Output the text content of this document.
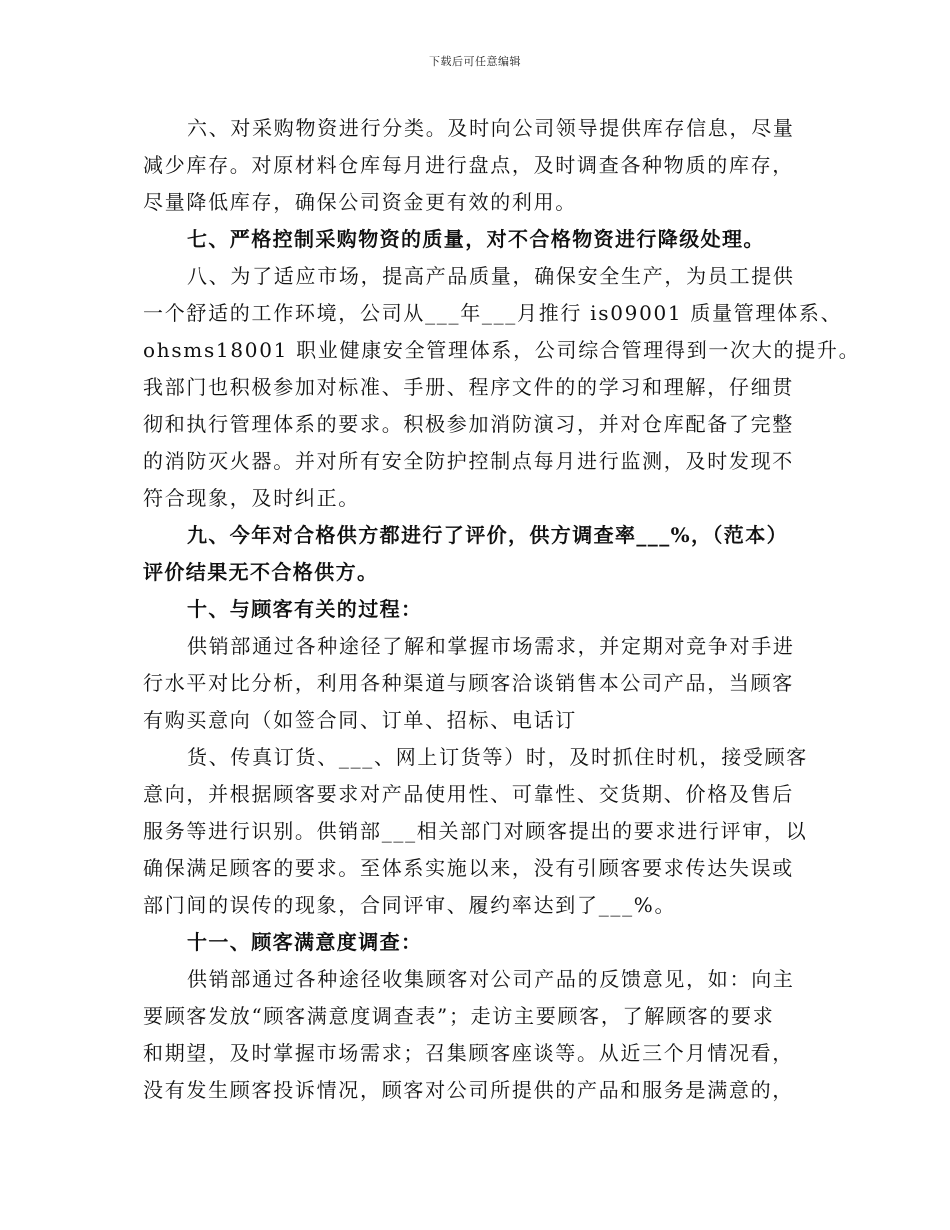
下载后可任意编辑
六、对采购物资进行分类。及时向公司领导提供库存信息，尽量
减少库存。对原材料仓库每月进行盘点，及时调查各种物质的库存，
尽量降低库存，确保公司资金更有效的利用。
七、严格控制采购物资的质量，对不合格物资进行降级处理。
八、为了适应市场，提高产品质量，确保安全生产，为员工提供
一个舒适的工作环境，公司从___年___月推行 is09001 质量管理体系、
ohsms18001 职业健康安全管理体系，公司综合管理得到一次大的提升。
我部门也积极参加对标准、手册、程序文件的的学习和理解，仔细贯
彻和执行管理体系的要求。积极参加消防演习，并对仓库配备了完整
的消防灭火器。并对所有安全防护控制点每月进行监测，及时发现不
符合现象，及时纠正。
九、今年对合格供方都进行了评价，供方调查率___%，（范本）
评价结果无不合格供方。
十、与顾客有关的过程：
供销部通过各种途径了解和掌握市场需求，并定期对竞争对手进
行水平对比分析，利用各种渠道与顾客洽谈销售本公司产品，当顾客
有购买意向（如签合同、订单、招标、电话订
货、传真订货、___、网上订货等）时，及时抓住时机，接受顾客
意向，并根据顾客要求对产品使用性、可靠性、交货期、价格及售后
服务等进行识别。供销部___相关部门对顾客提出的要求进行评审，以
确保满足顾客的要求。至体系实施以来，没有引顾客要求传达失误或
部门间的误传的现象，合同评审、履约率达到了___%。
十一、顾客满意度调查：
供销部通过各种途径收集顾客对公司产品的反馈意见，如：向主
要顾客发放“顾客满意度调查表”；走访主要顾客，了解顾客的要求
和期望，及时掌握市场需求；召集顾客座谈等。从近三个月情况看，
没有发生顾客投诉情况，顾客对公司所提供的产品和服务是满意的，
